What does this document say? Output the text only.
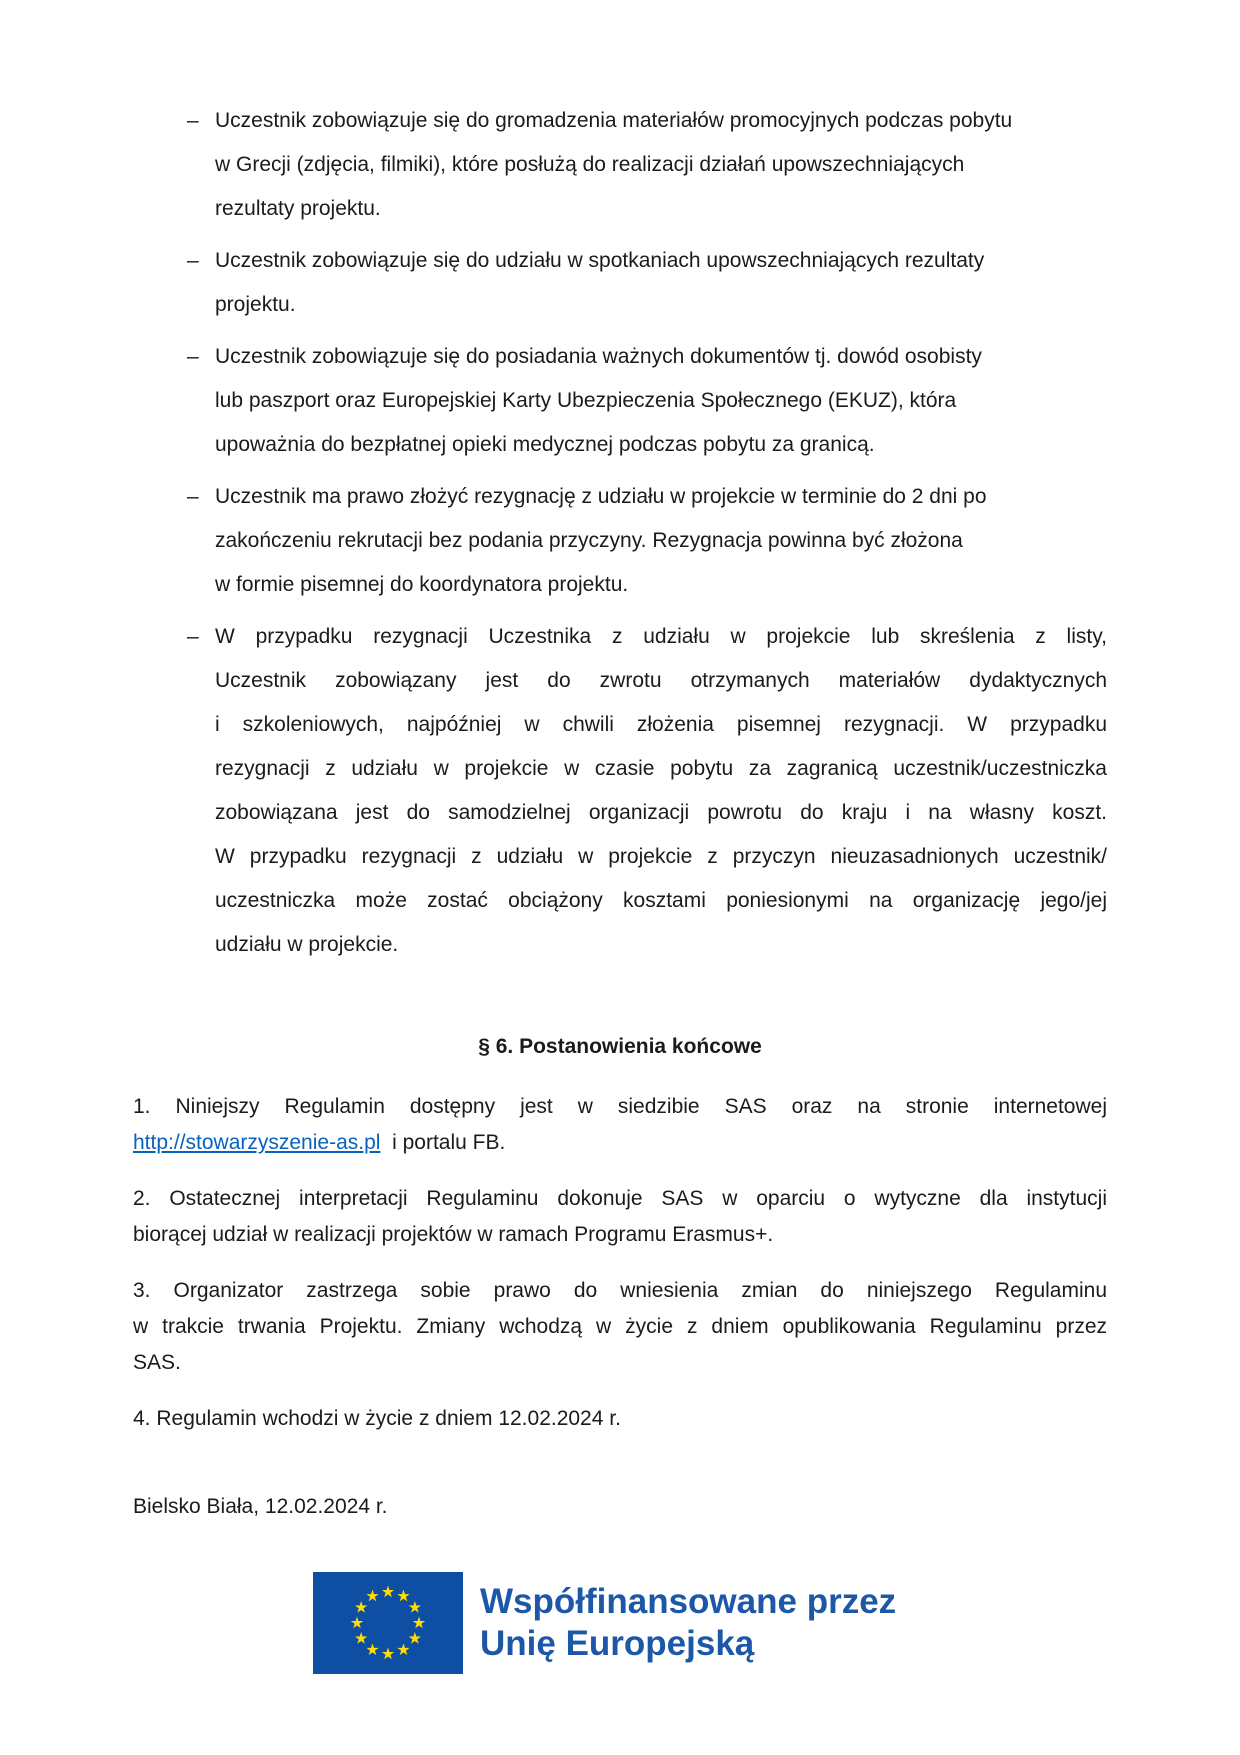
– Uczestnik zobowiązuje się do gromadzenia materiałów promocyjnych podczas pobytu
w Grecji (zdjęcia, filmiki), które posłużą do realizacji działań upowszechniających
rezultaty projektu.
– Uczestnik zobowiązuje się do udziału w spotkaniach upowszechniających rezultaty
projektu.
– Uczestnik zobowiązuje się do posiadania ważnych dokumentów tj. dowód osobisty
lub paszport oraz Europejskiej Karty Ubezpieczenia Społecznego (EKUZ), która
upoważnia do bezpłatnej opieki medycznej podczas pobytu za granicą.
– Uczestnik ma prawo złożyć rezygnację z udziału w projekcie w terminie do 2 dni po
zakończeniu rekrutacji bez podania przyczyny. Rezygnacja powinna być złożona
w formie pisemnej do koordynatora projektu.
– W przypadku rezygnacji Uczestnika z udziału w projekcie lub skreślenia z listy,
Uczestnik zobowiązany jest do zwrotu otrzymanych materiałów dydaktycznych
i szkoleniowych, najpóźniej w chwili złożenia pisemnej rezygnacji. W przypadku
rezygnacji z udziału w projekcie w czasie pobytu za zagranicą uczestnik/uczestniczka
zobowiązana jest do samodzielnej organizacji powrotu do kraju i na własny koszt.
W przypadku rezygnacji z udziału w projekcie z przyczyn nieuzasadnionych uczestnik/
uczestniczka może zostać obciążony kosztami poniesionymi na organizację jego/jej
udziału w projekcie.
§ 6. Postanowienia końcowe
1. Niniejszy Regulamin dostępny jest w siedzibie SAS oraz na stronie internetowej
http://stowarzyszenie-as.pl  i portalu FB.
2. Ostatecznej interpretacji Regulaminu dokonuje SAS w oparciu o wytyczne dla instytucji
biorącej udział w realizacji projektów w ramach Programu Erasmus+.
3. Organizator zastrzega sobie prawo do wniesienia zmian do niniejszego Regulaminu
w trakcie trwania Projektu. Zmiany wchodzą w życie z dniem opublikowania Regulaminu przez
SAS.
4. Regulamin wchodzi w życie z dniem 12.02.2024 r.
Bielsko Biała, 12.02.2024 r.
Współfinansowane przez
Unię Europejską
